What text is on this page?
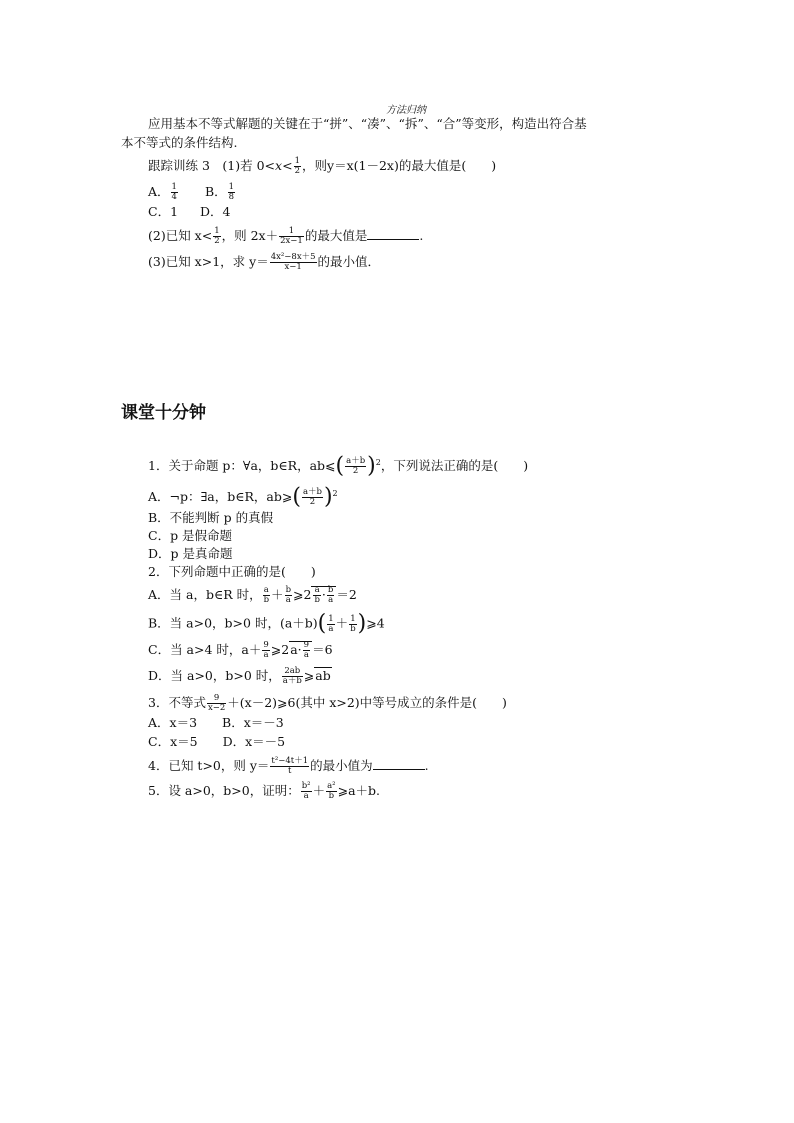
方法归纳
应用基本不等式解题的关键在于“拼”、“凑”、“拆”、“合”等变形，构造出符合基
本不等式的条件结构.
跟踪训练 3　(1)若 $0<x< \frac{1}{2}$ ，则y＝x(1－2x)的最大值是(　　)
A． $\frac{1}{4}$ B． $\frac{1}{8}$
C．1 D．4
(2)已知 $x< \frac{1}{2}$ ，则 $2x+ \frac{1}{2x-1}$ 的最大值是	.
(3)已知 x>1，求 $y= \frac{\text{4x²−8x＋5}}{x-1}$ 的最小值．
课堂十分钟
1．关于命题 p：∀a，b∈R，ab⩽( $\frac{a+b}{2} )^2$，下列说法正确的是(　　)
A．¬p：∃a，b∈R，ab⩾( $\frac{a+b}{2} )^2$
B．不能判断 p 的真假
C．p 是假命题
D．p 是真命题
2．下列命题中正确的是(　　)
A．当 a，b∈R 时， $\frac{a}{b} + \frac{b}{a}$ ⩾2 $\frac{a}{b} \cdot \frac{b}{a} =2$
B．当 a>0，b>0 时，$(a+b)( \frac{1}{a} + \frac{1}{b}$ )⩾4
C．当 a>4 时，$a+ \frac{9}{a}$ ⩾2a· $\frac{9}{a} =6$
D．当 a>0，b>0 时， $\frac{2ab}{a+b}$ ⩾ab
3．不等式 $\frac{9}{x-2}$ ＋(x－2)⩾6(其中 x>2)中等号成立的条件是(　　)
A．x＝3　　B．x＝－3
C．x＝5　　D．x＝－5
4．已知 t>0，则 $y= \frac{\text{t²−4t＋1}}{t}$ 的最小值为	.
5．设 a>0，b>0，证明： $\frac{\text{b²}}{a} + \frac{\text{a²}}{b}$ ⩾a＋b.
